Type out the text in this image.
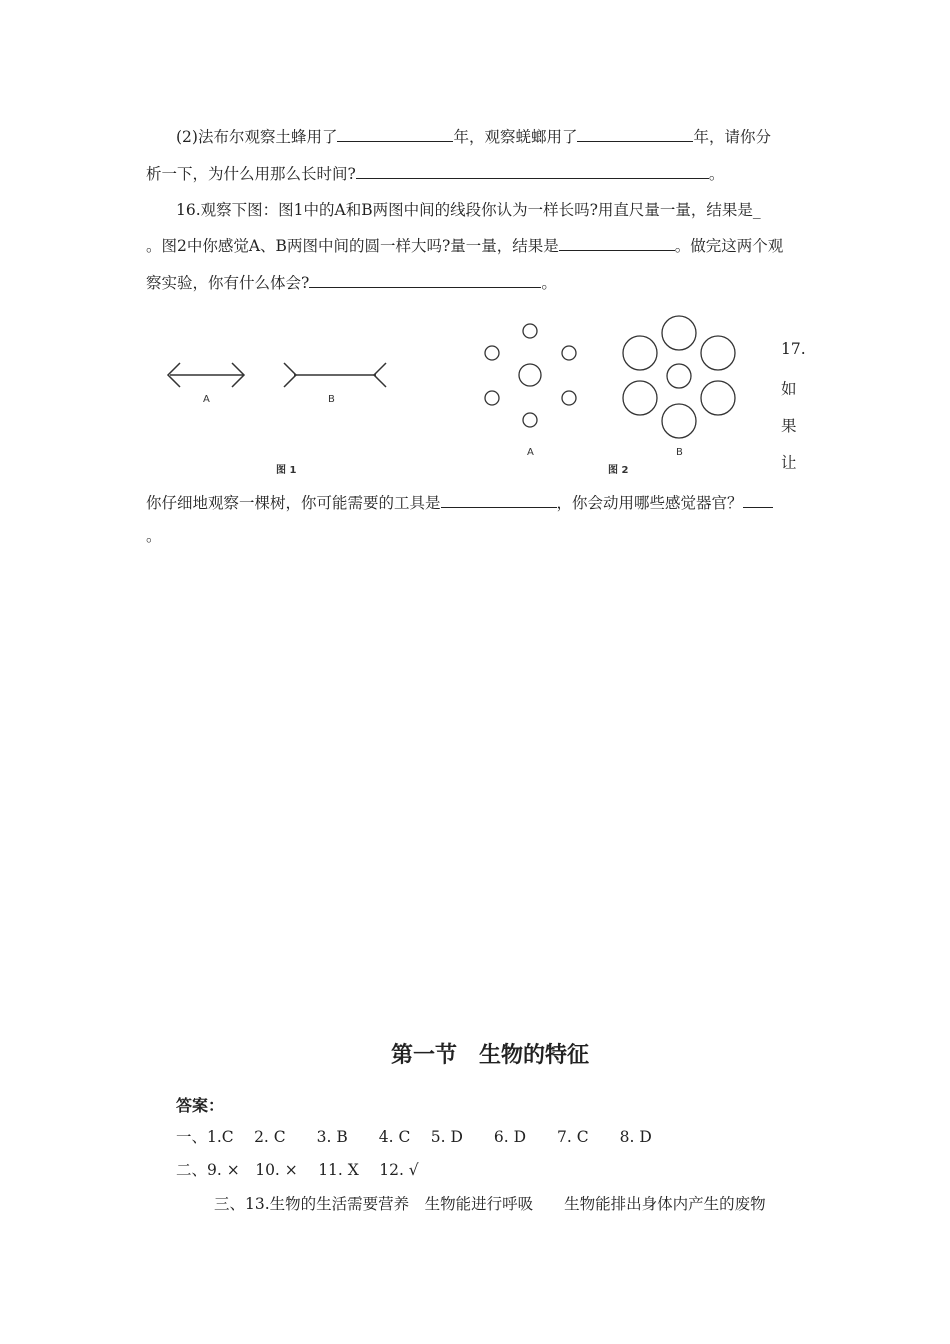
(2)法布尔观察土蜂用了	年，观察蜣螂用了	年，请你分
析一下，为什么用那么长时间?	。
16.观察下图：图1中的A和B两图中间的线段你认为一样长吗?用直尺量一量，结果是_
。图2中你感觉A、B两图中间的圆一样大吗?量一量，结果是	。做完这两个观
察实验，你有什么体会?	。
A	B
图 1
A	B
图 2
17.
如
果
让
你仔细地观察一棵树，你可能需要的工具是	，你会动用哪些感觉器官？
。
第一节　生物的特征
答案：
一、1.C　 2. C　　3. B　　4. C　 5. D　　6. D　　7. C　　8. D
二、9. ×　10. ×　 11. X　 12. √
三、13.生物的生活需要营养　生物能进行呼吸　　生物能排出身体内产生的废物
